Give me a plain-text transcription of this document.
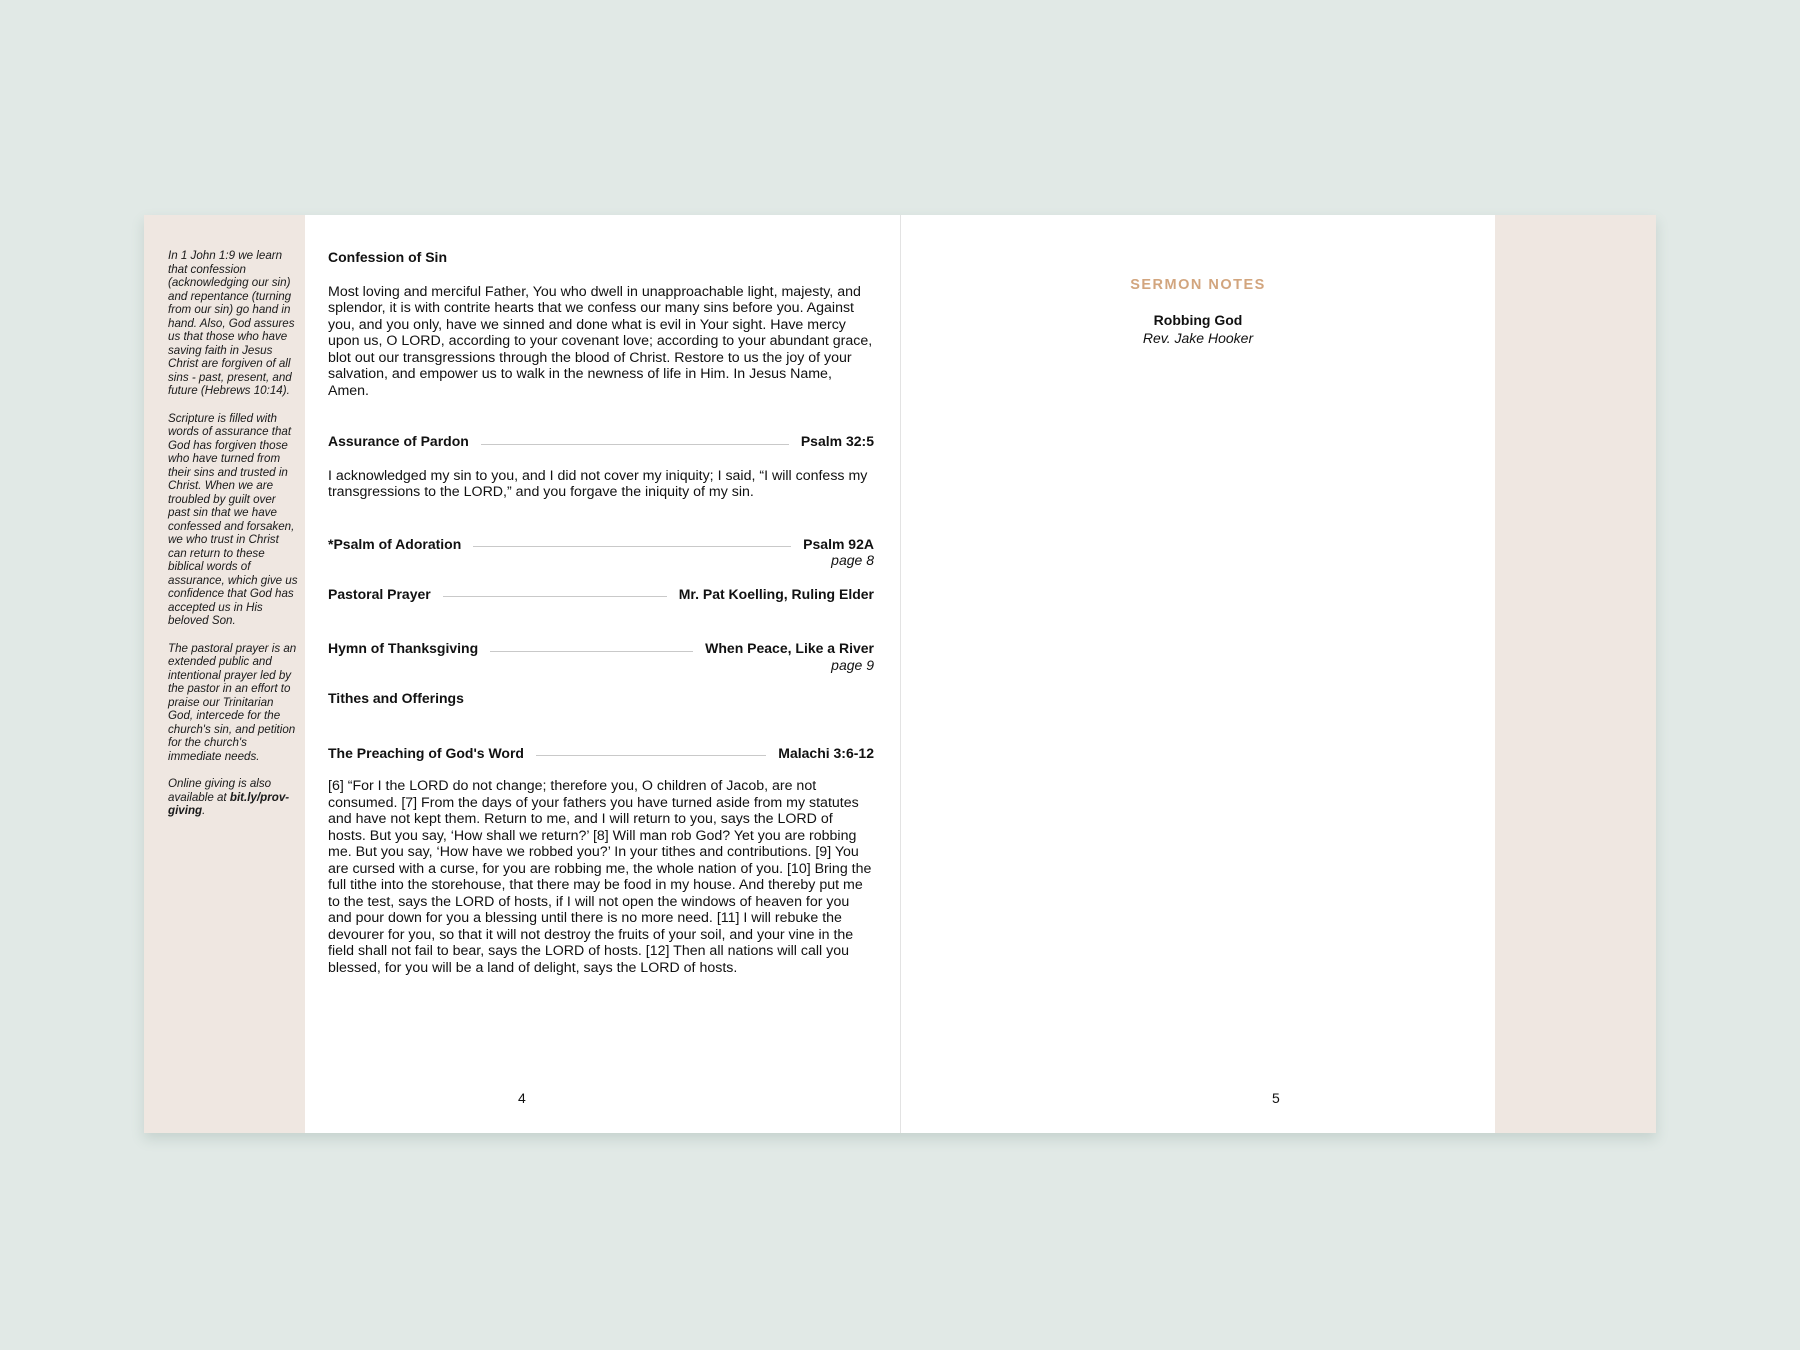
In 1 John 1:9 we learn that confession (acknowledging our sin) and repentance (turning from our sin) go hand in hand. Also, God assures us that those who have saving faith in Jesus Christ are forgiven of all sins - past, present, and future (Hebrews 10:14).

Scripture is filled with words of assurance that God has forgiven those who have turned from their sins and trusted in Christ. When we are troubled by guilt over past sin that we have confessed and forsaken, we who trust in Christ can return to these biblical words of assurance, which give us confidence that God has accepted us in His beloved Son.

The pastoral prayer is an extended public and intentional prayer led by the pastor in an effort to praise our Trinitarian God, intercede for the church's sin, and petition for the church's immediate needs.

Online giving is also available at bit.ly/prov-giving.

Confession of Sin

Most loving and merciful Father, You who dwell in unapproachable light, majesty, and splendor, it is with contrite hearts that we confess our many sins before you. Against you, and you only, have we sinned and done what is evil in Your sight. Have mercy upon us, O LORD, according to your covenant love; according to your abundant grace, blot out our transgressions through the blood of Christ. Restore to us the joy of your salvation, and empower us to walk in the newness of life in Him. In Jesus Name, Amen.

Assurance of Pardon	Psalm 32:5

I acknowledged my sin to you, and I did not cover my iniquity; I said, “I will confess my transgressions to the LORD,” and you forgave the iniquity of my sin.

*Psalm of Adoration	Psalm 92A
page 8
Pastoral Prayer	Mr. Pat Koelling, Ruling Elder
Hymn of Thanksgiving	When Peace, Like a River
page 9
Tithes and Offerings
The Preaching of God's Word	Malachi 3:6-12

[6] “For I the LORD do not change; therefore you, O children of Jacob, are not consumed. [7] From the days of your fathers you have turned aside from my statutes and have not kept them. Return to me, and I will return to you, says the LORD of hosts. But you say, ‘How shall we return?’ [8] Will man rob God? Yet you are robbing me. But you say, ‘How have we robbed you?’ In your tithes and contributions. [9] You are cursed with a curse, for you are robbing me, the whole nation of you. [10] Bring the full tithe into the storehouse, that there may be food in my house. And thereby put me to the test, says the LORD of hosts, if I will not open the windows of heaven for you and pour down for you a blessing until there is no more need. [11] I will rebuke the devourer for you, so that it will not destroy the fruits of your soil, and your vine in the field shall not fail to bear, says the LORD of hosts. [12] Then all nations will call you blessed, for you will be a land of delight, says the LORD of hosts.

4
SERMON NOTES
Robbing God
Rev. Jake Hooker
5
